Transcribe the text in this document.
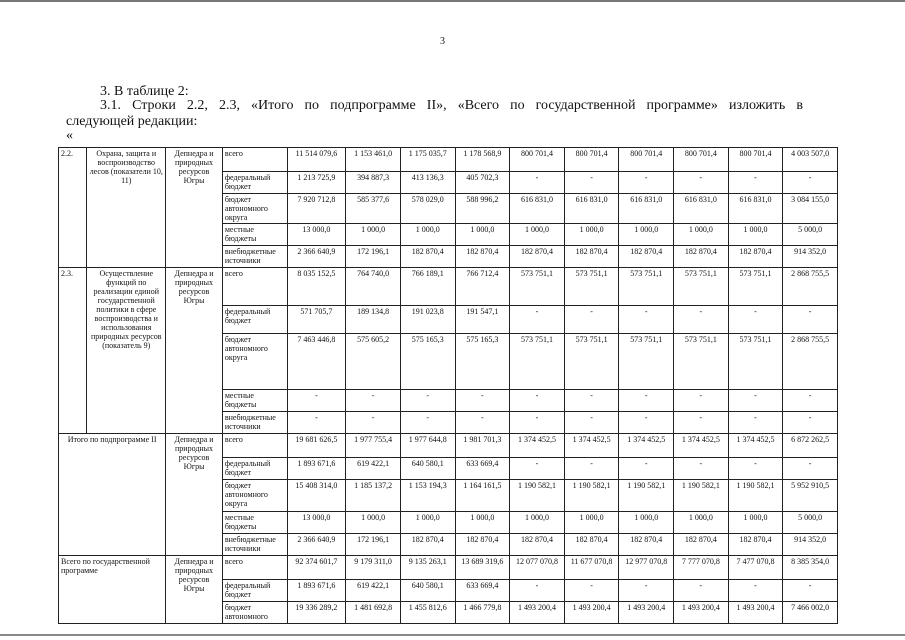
3
3. В таблице 2:
3.1. Строки 2.2, 2.3, «Итого по подпрограмме II», «Всего по государственной программе» изложить в
следующей редакции:
«
2.2.	Охрана, защита и воспроизводство лесов (показатели 10, 11)	Депнедра и природных ресурсов Югры	всего	11 514 079,6	1 153 461,0	1 175 035,7	1 178 568,9	800 701,4	800 701,4	800 701,4	800 701,4	800 701,4	4 003 507,0
			федеральный бюджет	1 213 725,9	394 887,3	413 136,3	405 702,3	-	-	-	-	-	-
			бюджет автономного округа	7 920 712,8	585 377,6	578 029,0	588 996,2	616 831,0	616 831,0	616 831,0	616 831,0	616 831,0	3 084 155,0
			местные бюджеты	13 000,0	1 000,0	1 000,0	1 000,0	1 000,0	1 000,0	1 000,0	1 000,0	1 000,0	5 000,0
			внебюджетные источники	2 366 640,9	172 196,1	182 870,4	182 870,4	182 870,4	182 870,4	182 870,4	182 870,4	182 870,4	914 352,0
2.3.	Осуществление функций по реализации единой государственной политики в сфере воспроизводства и использования природных ресурсов (показатель 9)	Депнедра и природных ресурсов Югры	всего	8 035 152,5	764 740,0	766 189,1	766 712,4	573 751,1	573 751,1	573 751,1	573 751,1	573 751,1	2 868 755,5
			федеральный бюджет	571 705,7	189 134,8	191 023,8	191 547,1	-	-	-	-	-	-
			бюджет автономного округа	7 463 446,8	575 605,2	575 165,3	575 165,3	573 751,1	573 751,1	573 751,1	573 751,1	573 751,1	2 868 755,5
			местные бюджеты	-	-	-	-	-	-	-	-	-	-
			внебюджетные источники	-	-	-	-	-	-	-	-	-	-
Итого по подпрограмме II		Депнедра и природных ресурсов Югры	всего	19 681 626,5	1 977 755,4	1 977 644,8	1 981 701,3	1 374 452,5	1 374 452,5	1 374 452,5	1 374 452,5	1 374 452,5	6 872 262,5
			федеральный бюджет	1 893 671,6	619 422,1	640 580,1	633 669,4	-	-	-	-	-	-
			бюджет автономного округа	15 408 314,0	1 185 137,2	1 153 194,3	1 164 161,5	1 190 582,1	1 190 582,1	1 190 582,1	1 190 582,1	1 190 582,1	5 952 910,5
			местные бюджеты	13 000,0	1 000,0	1 000,0	1 000,0	1 000,0	1 000,0	1 000,0	1 000,0	1 000,0	5 000,0
			внебюджетные источники	2 366 640,9	172 196,1	182 870,4	182 870,4	182 870,4	182 870,4	182 870,4	182 870,4	182 870,4	914 352,0
Всего по государственной программе		Депнедра и природных ресурсов Югры	всего	92 374 601,7	9 179 311,0	9 135 263,1	13 689 319,6	12 077 070,8	11 677 070,8	12 977 070,8	7 777 070,8	7 477 070,8	8 385 354,0
			федеральный бюджет	1 893 671,6	619 422,1	640 580,1	633 669,4	-	-	-	-	-	-
			бюджет автономного	19 336 289,2	1 481 692,8	1 455 812,6	1 466 779,8	1 493 200,4	1 493 200,4	1 493 200,4	1 493 200,4	1 493 200,4	7 466 002,0
